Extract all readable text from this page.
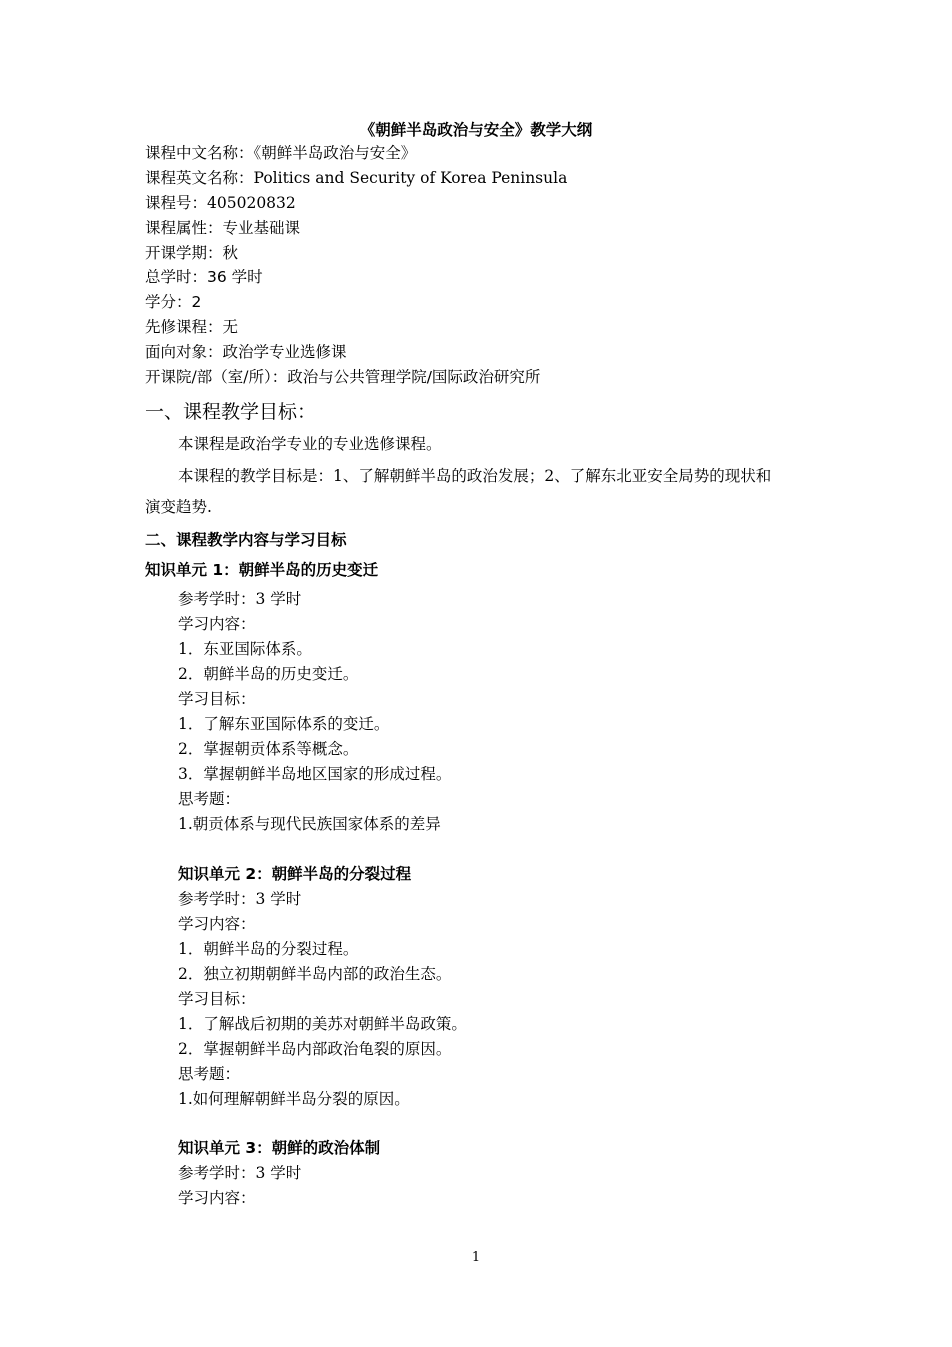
《朝鲜半岛政治与安全》教学大纲
课程中文名称：《朝鲜半岛政治与安全》
课程英文名称：Politics and Security of Korea Peninsula
课程号：405020832
课程属性：专业基础课
开课学期：秋
总学时：36 学时
学分：2
先修课程：无
面向对象：政治学专业选修课
开课院/部（室/所）：政治与公共管理学院/国际政治研究所
一、课程教学目标：
本课程是政治学专业的专业选修课程。
本课程的教学目标是：1、了解朝鲜半岛的政治发展；2、了解东北亚安全局势的现状和
演变趋势.
二、课程教学内容与学习目标
知识单元 1：朝鲜半岛的历史变迁
参考学时：3 学时
学习内容：
1．东亚国际体系。
2．朝鲜半岛的历史变迁。
学习目标：
1．了解东亚国际体系的变迁。
2．掌握朝贡体系等概念。
3．掌握朝鲜半岛地区国家的形成过程。
思考题：
1.朝贡体系与现代民族国家体系的差异
知识单元 2：朝鲜半岛的分裂过程
参考学时：3 学时
学习内容：
1．朝鲜半岛的分裂过程。
2．独立初期朝鲜半岛内部的政治生态。
学习目标：
1．了解战后初期的美苏对朝鲜半岛政策。
2．掌握朝鲜半岛内部政治龟裂的原因。
思考题：
1.如何理解朝鲜半岛分裂的原因。
知识单元 3：朝鲜的政治体制
参考学时：3 学时
学习内容：
1
